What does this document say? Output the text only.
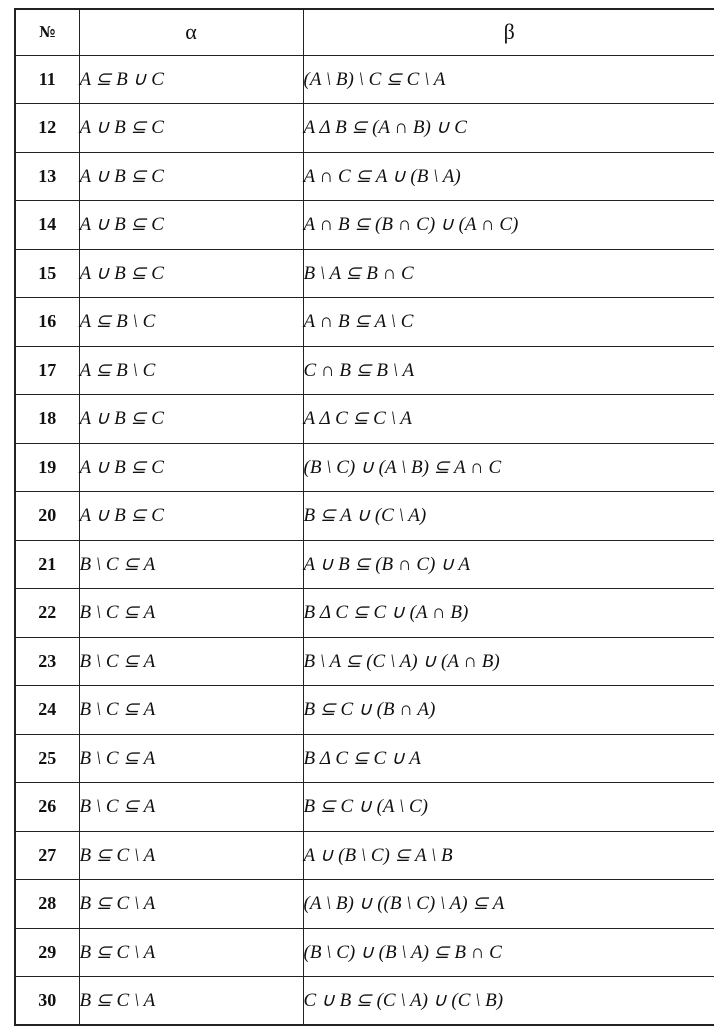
№	α	β
11	A ⊆ B ∪ C	(A \ B) \ C ⊆ C \ A
12	A ∪ B ⊆ C	A Δ B ⊆ (A ∩ B) ∪ C
13	A ∪ B ⊆ C	A ∩ C ⊆ A ∪ (B \ A)
14	A ∪ B ⊆ C	A ∩ B ⊆ (B ∩ C) ∪ (A ∩ C)
15	A ∪ B ⊆ C	B \ A ⊆ B ∩ C
16	A ⊆ B \ C	A ∩ B ⊆ A \ C
17	A ⊆ B \ C	C ∩ B ⊆ B \ A
18	A ∪ B ⊆ C	A Δ C ⊆ C \ A
19	A ∪ B ⊆ C	(B \ C) ∪ (A \ B) ⊆ A ∩ C
20	A ∪ B ⊆ C	B ⊆ A ∪ (C \ A)
21	B \ C ⊆ A	A ∪ B ⊆ (B ∩ C) ∪ A
22	B \ C ⊆ A	B Δ C ⊆ C ∪ (A ∩ B)
23	B \ C ⊆ A	B \ A ⊆ (C \ A) ∪ (A ∩ B)
24	B \ C ⊆ A	B ⊆ C ∪ (B ∩ A)
25	B \ C ⊆ A	B Δ C ⊆ C ∪ A
26	B \ C ⊆ A	B ⊆ C ∪ (A \ C)
27	B ⊆ C \ A	A ∪ (B \ C) ⊆ A \ B
28	B ⊆ C \ A	(A \ B) ∪ ((B \ C) \ A) ⊆ A
29	B ⊆ C \ A	(B \ C) ∪ (B \ A) ⊆ B ∩ C
30	B ⊆ C \ A	C ∪ B ⊆ (C \ A) ∪ (C \ B)
